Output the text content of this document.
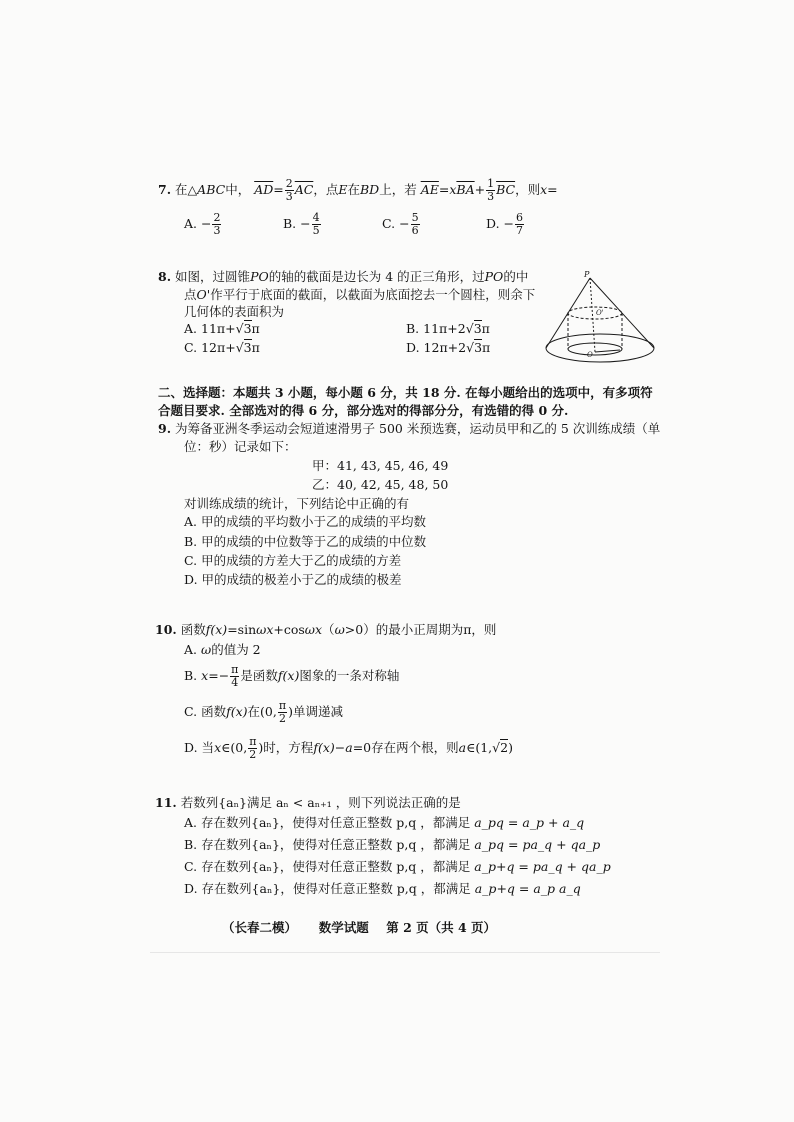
7. 在△ABC中， $\overline{AD}= \frac{2}{3} \overline{AC}$，点E在BD上，若 $\overline{AE}=x\overline{BA}+ \frac{1}{3} \overline{BC}$，则x=
A. − $\frac{2}{3}$	B. − $\frac{4}{5}$	C. − $\frac{5}{6}$	D. − $\frac{6}{7}$
8. 如图，过圆锥PO的轴的截面是边长为 4 的正三角形，过PO的中
点O'作平行于底面的截面，以截面为底面挖去一个圆柱，则余下
几何体的表面积为
A. 11π+√3π	B. 11π+2√3π
C. 12π+√3π	D. 12π+2√3π
P
O'
O
二、选择题：本题共 3 小题，每小题 6 分，共 18 分. 在每小题给出的选项中，有多项符
合题目要求. 全部选对的得 6 分，部分选对的得部分分，有选错的得 0 分.
9. 为筹备亚洲冬季运动会短道速滑男子 500 米预选赛，运动员甲和乙的 5 次训练成绩（单
位：秒）记录如下：
甲：41, 43, 45, 46, 49
乙：40, 42, 45, 48, 50
对训练成绩的统计，下列结论中正确的有
A. 甲的成绩的平均数小于乙的成绩的平均数
B. 甲的成绩的中位数等于乙的成绩的中位数
C. 甲的成绩的方差大于乙的成绩的方差
D. 甲的成绩的极差小于乙的成绩的极差
10. 函数f(x)=sinωx+cosωx（ω>0）的最小正周期为π，则
A. ω的值为 2
B. $x=- \frac{\pi}{4}$ 是函数f(x)图象的一条对称轴
C. 函数f(x)在(0, $\frac{\pi}{2}$ )单调递减
D. 当x∈(0, $\frac{\pi}{2}$ )时，方程f(x)−a=0存在两个根，则a∈(1,√2)
11. 若数列{aₙ}满足 aₙ < aₙ₊₁ ，则下列说法正确的是
A. 存在数列{aₙ}，使得对任意正整数 p,q ，都满足 a_pq = a_p + a_q
B. 存在数列{aₙ}，使得对任意正整数 p,q ，都满足 a_pq = pa_q + qa_p
C. 存在数列{aₙ}，使得对任意正整数 p,q ，都满足 a_p+q = pa_q + qa_p
D. 存在数列{aₙ}，使得对任意正整数 p,q ，都满足 a_p+q = a_p a_q
（长春二模） 数学试题 第 2 页（共 4 页）
